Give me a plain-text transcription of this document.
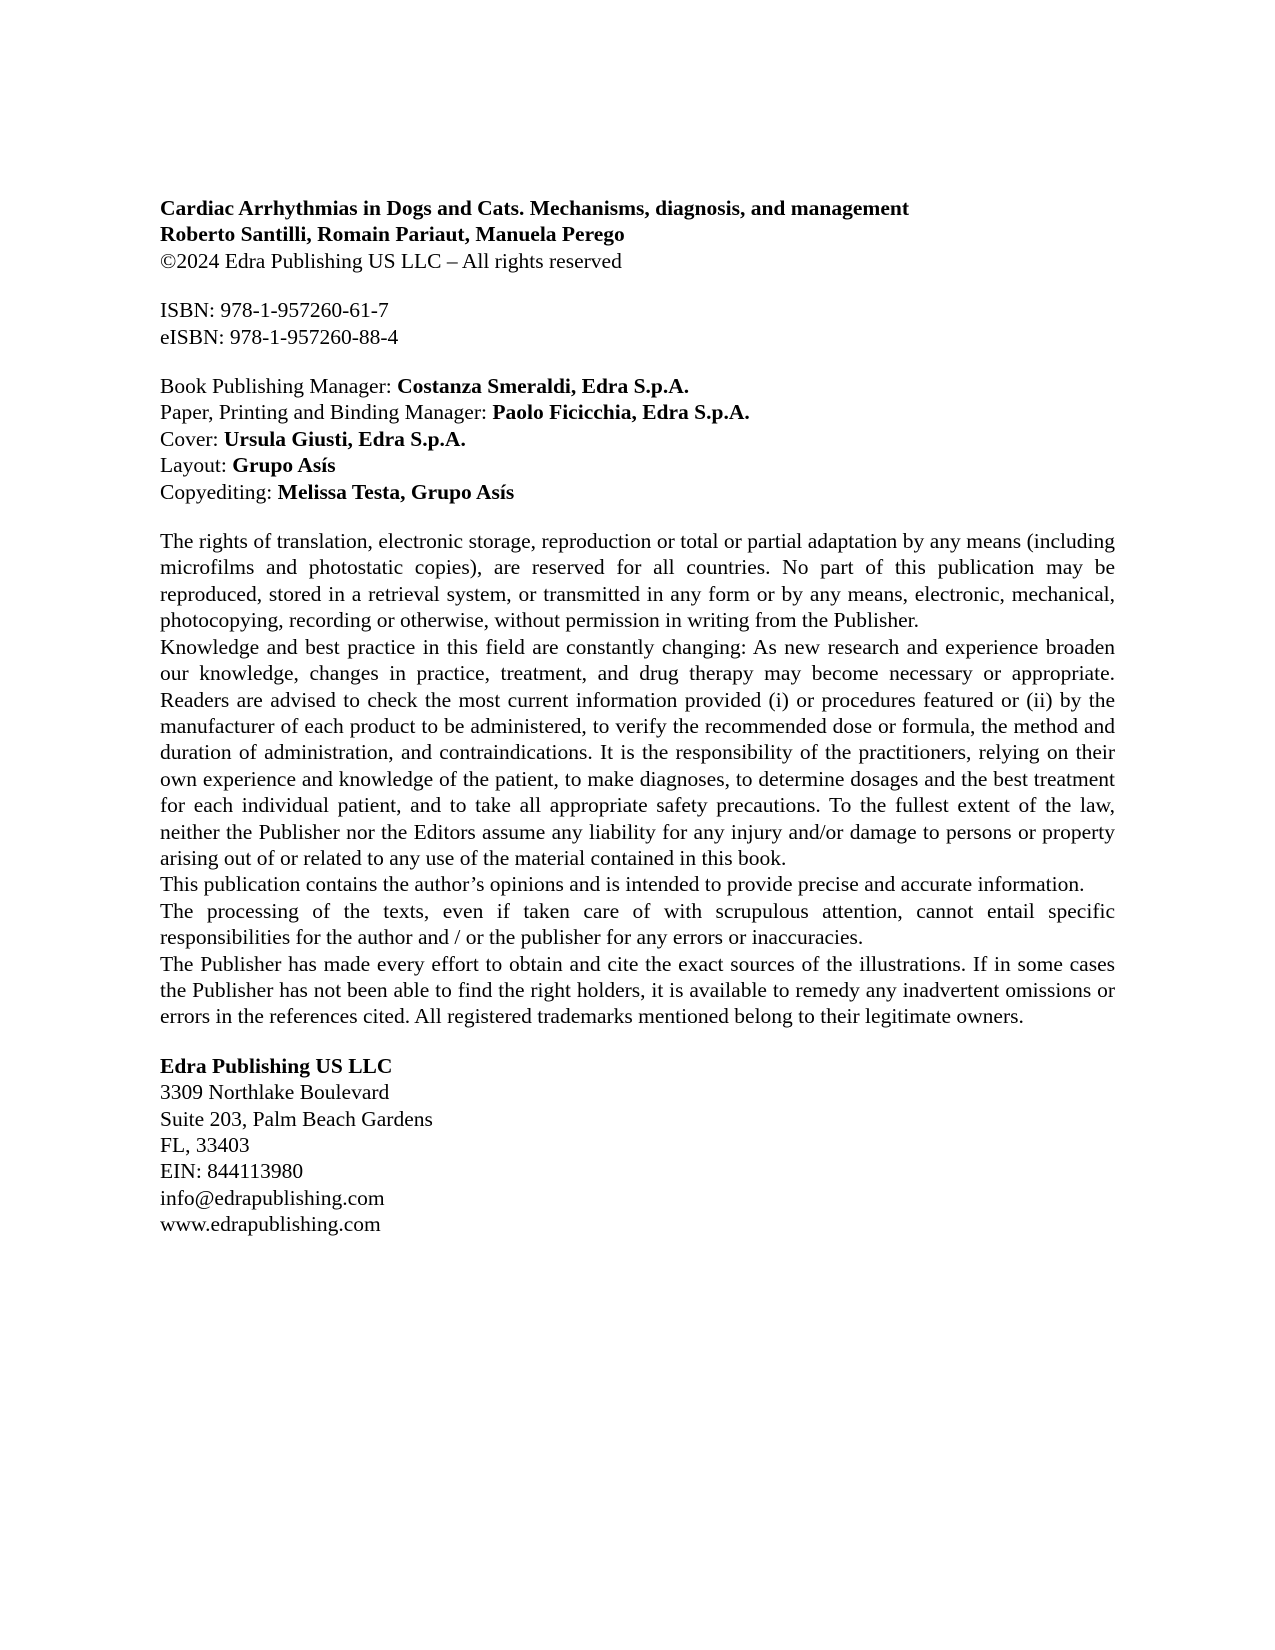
Cardiac Arrhythmias in Dogs and Cats. Mechanisms, diagnosis, and management
Roberto Santilli, Romain Pariaut, Manuela Perego
©2024 Edra Publishing US LLC – All rights reserved
ISBN: 978-1-957260-61-7
eISBN: 978-1-957260-88-4
Book Publishing Manager: Costanza Smeraldi, Edra S.p.A.
Paper, Printing and Binding Manager: Paolo Ficicchia, Edra S.p.A.
Cover: Ursula Giusti, Edra S.p.A.
Layout: Grupo Asís
Copyediting: Melissa Testa, Grupo Asís

The rights of translation, electronic storage, reproduction or total or partial adaptation by any means (including microfilms and photostatic copies), are reserved for all countries. No part of this publication may be reproduced, stored in a retrieval system, or transmitted in any form or by any means, electronic, mechanical, photocopying, recording or otherwise, without permission in writing from the Publisher.

Knowledge and best practice in this field are constantly changing: As new research and experience broaden our knowledge, changes in practice, treatment, and drug therapy may become necessary or appropriate. Readers are advised to check the most current information provided (i) or procedures featured or (ii) by the manufacturer of each product to be administered, to verify the recommended dose or formula, the method and duration of administration, and contraindications. It is the responsibility of the practitioners, relying on their own experience and knowledge of the patient, to make diagnoses, to determine dosages and the best treatment for each individual patient, and to take all appropriate safety precautions. To the fullest extent of the law, neither the Publisher nor the Editors assume any liability for any injury and/or damage to persons or property arising out of or related to any use of the material contained in this book.

This publication contains the author’s opinions and is intended to provide precise and accurate information.

The processing of the texts, even if taken care of with scrupulous attention, cannot entail specific responsibilities for the author and / or the publisher for any errors or inaccuracies.

The Publisher has made every effort to obtain and cite the exact sources of the illustrations. If in some cases the Publisher has not been able to find the right holders, it is available to remedy any inadvertent omissions or errors in the references cited. All registered trademarks mentioned belong to their legitimate owners.

Edra Publishing US LLC
3309 Northlake Boulevard
Suite 203, Palm Beach Gardens
FL, 33403
EIN: 844113980
info@edrapublishing.com
www.edrapublishing.com
